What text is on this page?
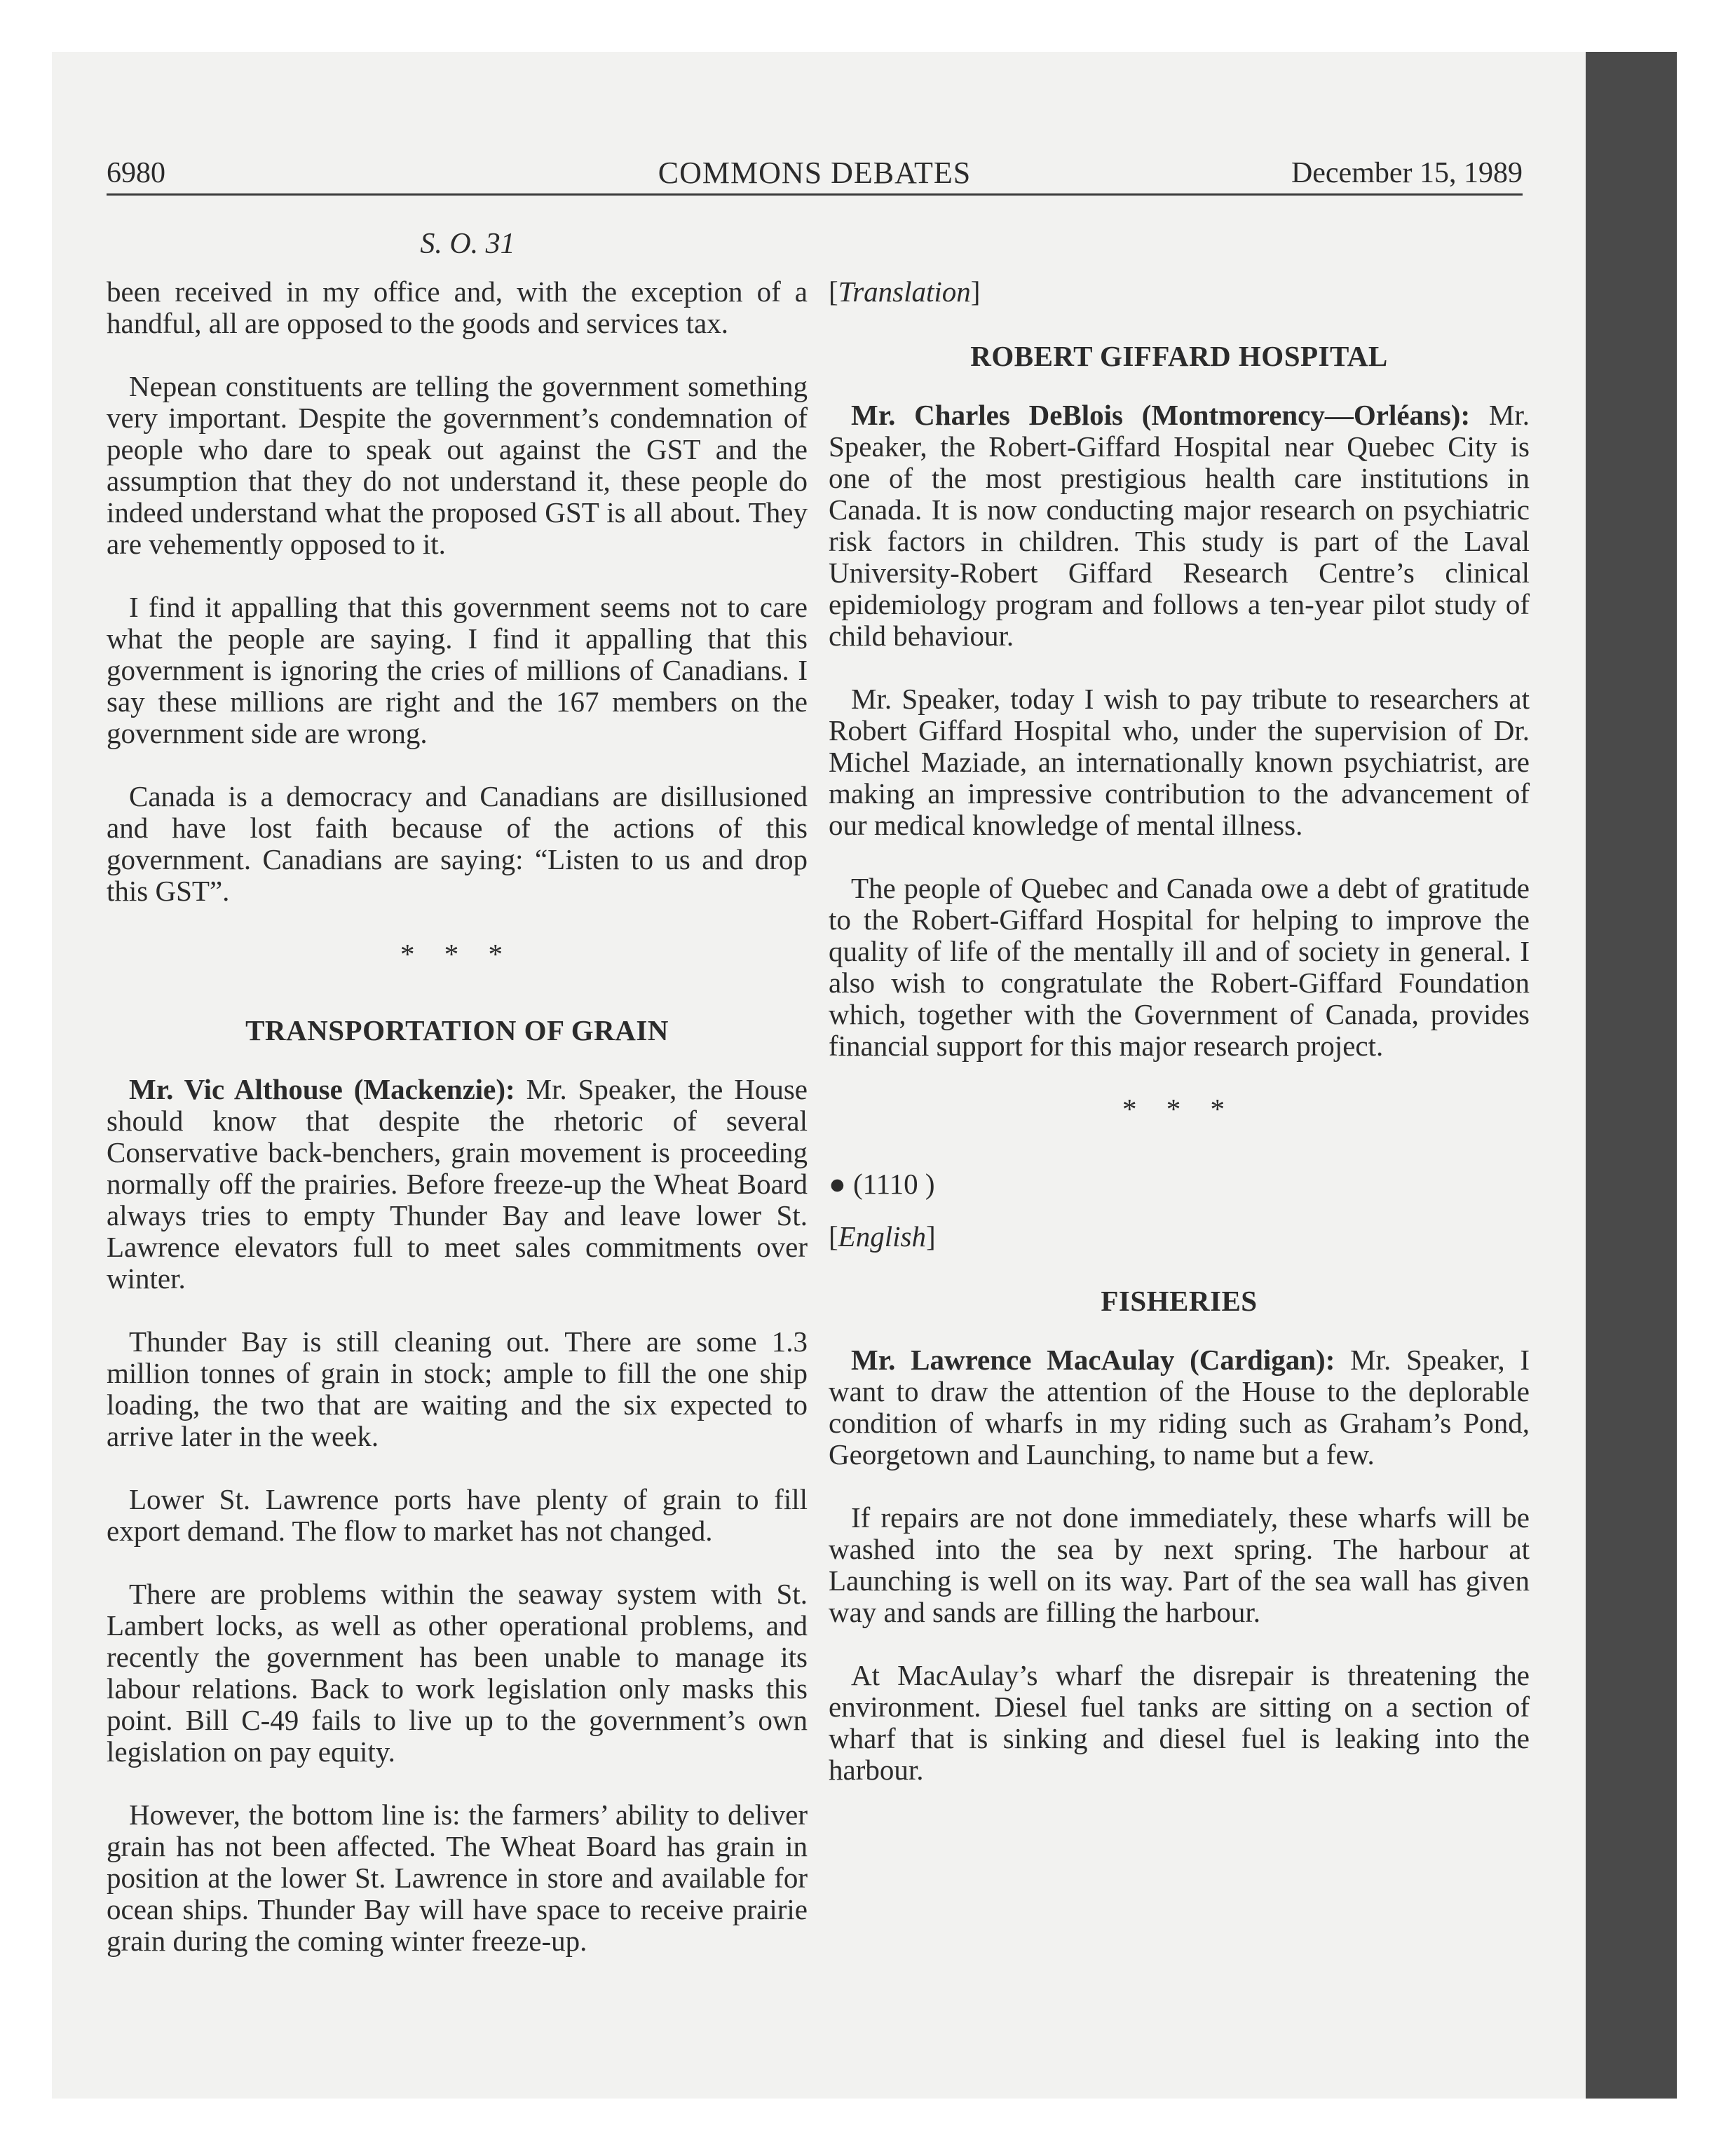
6980	COMMONS DEBATES	December 15, 1989
S. O. 31

been received in my office and, with the exception of a handful, all are opposed to the goods and services tax.

Nepean constituents are telling the government something very important. Despite the government’s condemnation of people who dare to speak out against the GST and the assumption that they do not understand it, these people do indeed understand what the proposed GST is all about. They are vehemently opposed to it.

I find it appalling that this government seems not to care what the people are saying. I find it appalling that this government is ignoring the cries of millions of Canadians. I say these millions are right and the 167 members on the government side are wrong.

Canada is a democracy and Canadians are disillusioned and have lost faith because of the actions of this government. Canadians are saying: “Listen to us and drop this GST”.

* * *
TRANSPORTATION OF GRAIN

Mr. Vic Althouse (Mackenzie): Mr. Speaker, the House should know that despite the rhetoric of several Conservative back-benchers, grain movement is proceeding normally off the prairies. Before freeze-up the Wheat Board always tries to empty Thunder Bay and leave lower St. Lawrence elevators full to meet sales commitments over winter.

Thunder Bay is still cleaning out. There are some 1.3 million tonnes of grain in stock; ample to fill the one ship loading, the two that are waiting and the six expected to arrive later in the week.

Lower St. Lawrence ports have plenty of grain to fill export demand. The flow to market has not changed.

There are problems within the seaway system with St. Lambert locks, as well as other operational problems, and recently the government has been unable to manage its labour relations. Back to work legislation only masks this point. Bill C-49 fails to live up to the government’s own legislation on pay equity.

However, the bottom line is: the farmers’ ability to deliver grain has not been affected. The Wheat Board has grain in position at the lower St. Lawrence in store and available for ocean ships. Thunder Bay will have space to receive prairie grain during the coming winter freeze-up.

[Translation]
ROBERT GIFFARD HOSPITAL

Mr. Charles DeBlois (Montmorency—Orléans): Mr. Speaker, the Robert-Giffard Hospital near Quebec City is one of the most prestigious health care institutions in Canada. It is now conducting major research on psychiatric risk factors in children. This study is part of the Laval University-Robert Giffard Research Centre’s clinical epidemiology program and follows a ten-year pilot study of child behaviour.

Mr. Speaker, today I wish to pay tribute to researchers at Robert Giffard Hospital who, under the supervision of Dr. Michel Maziade, an internationally known psychiatrist, are making an impressive contribution to the advancement of our medical knowledge of mental illness.

The people of Quebec and Canada owe a debt of gratitude to the Robert-Giffard Hospital for helping to improve the quality of life of the mentally ill and of society in general. I also wish to congratulate the Robert-Giffard Foundation which, together with the Government of Canada, provides financial support for this major research project.

* * *
● (1110 )
[English]
FISHERIES

Mr. Lawrence MacAulay (Cardigan): Mr. Speaker, I want to draw the attention of the House to the deplorable condition of wharfs in my riding such as Graham’s Pond, Georgetown and Launching, to name but a few.

If repairs are not done immediately, these wharfs will be washed into the sea by next spring. The harbour at Launching is well on its way. Part of the sea wall has given way and sands are filling the harbour.

At MacAulay’s wharf the disrepair is threatening the environment. Diesel fuel tanks are sitting on a section of wharf that is sinking and diesel fuel is leaking into the harbour.
